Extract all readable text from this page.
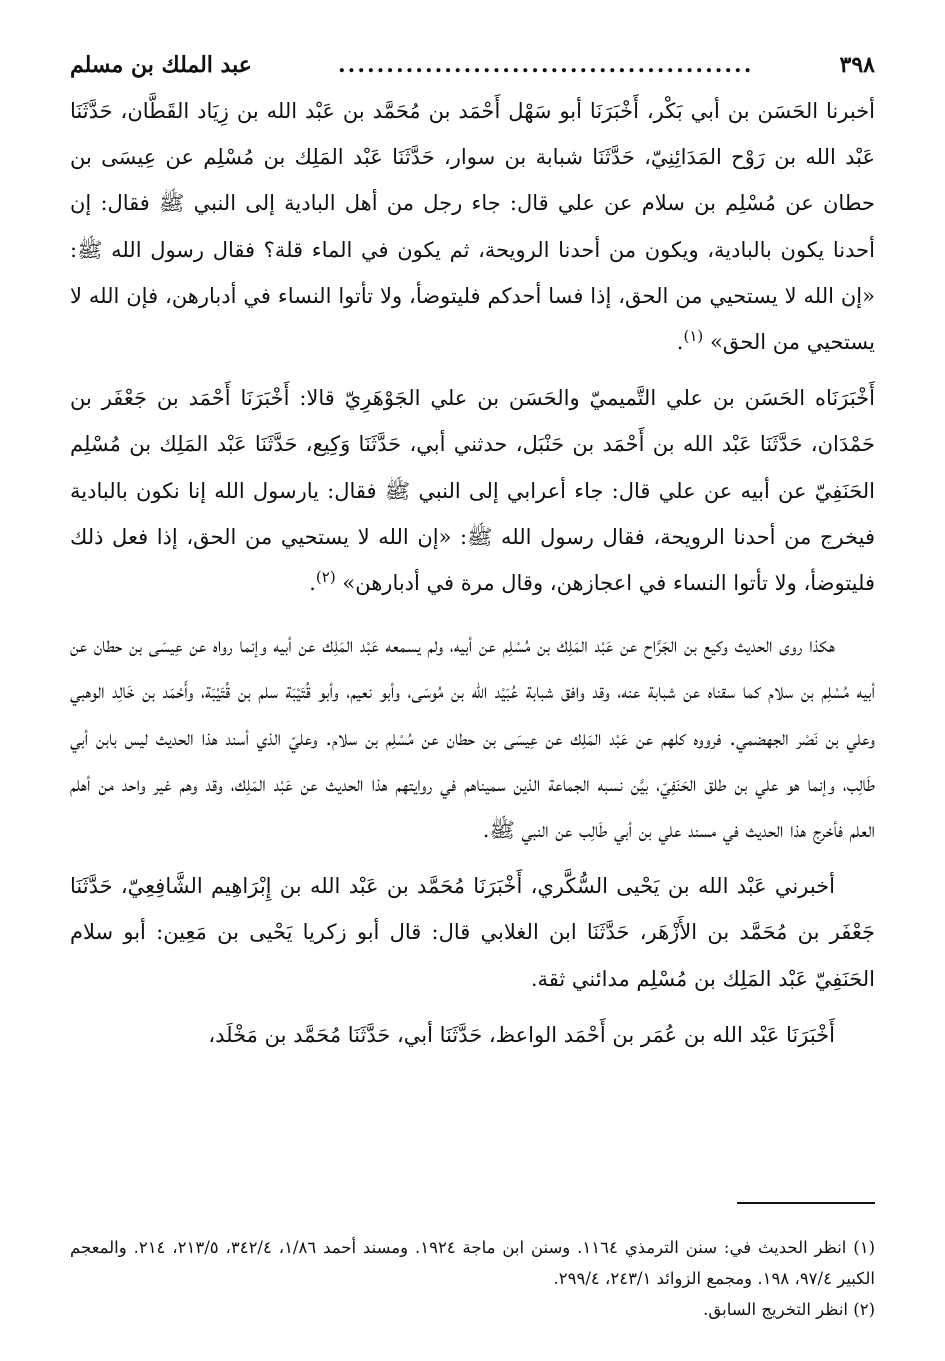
٣٩٨
...........................................
عبد الملك بن مسلم

أخبرنا الحَسَن بن أبي بَكْر، أَخْبَرَنَا أبو سَهْل أَحْمَد بن مُحَمَّد بن عَبْد الله بن زِيَاد القَطَّان، حَدَّثَنَا عَبْد الله بن رَوْح المَدَائِنِيّ، حَدَّثَنَا شبابة بن سوار، حَدَّثَنَا عَبْد المَلِك بن مُسْلِم عن عِيسَى بن حطان عن مُسْلِم بن سلام عن علي قال: جاء رجل من أهل البادية إلى النبي ﷺ فقال: إن أحدنا يكون بالبادية، ويكون من أحدنا الرويحة، ثم يكون في الماء قلة؟ فقال رسول الله ﷺ: «إن الله لا يستحيي من الحق، إذا فسا أحدكم فليتوضأ، ولا تأتوا النساء في أدبارهن، فإن الله لا يستحيي من الحق» $^{(١)}$.

أَخْبَرَنَاه الحَسَن بن علي التَّميميّ والحَسَن بن علي الجَوْهَرِيّ قالا: أَخْبَرَنَا أَحْمَد بن جَعْفَر بن حَمْدَان، حَدَّثَنَا عَبْد الله بن أَحْمَد بن حَنْبَل، حدثني أبي، حَدَّثَنَا وَكِيع، حَدَّثَنَا عَبْد المَلِك بن مُسْلِم الحَنَفِيّ عن أبيه عن علي قال: جاء أعرابي إلى النبي ﷺ فقال: يارسول الله إنا نكون بالبادية فيخرج من أحدنا الرويحة، فقال رسول الله ﷺ: «إن الله لا يستحيي من الحق، إذا فعل ذلك فليتوضأ، ولا تأتوا النساء في اعجازهن، وقال مرة في أدبارهن» $^{(٢)}$.

هكذا روى الحديث وكيع بن الجَرَّاح عن عَبْد المَلِك بن مُسْلِم عن أبيه، ولم يسمعه عَبْد المَلِك عن أبيه وإنما رواه عن عِيسَى بن حطان عن أبيه مُسْلِم بن سلام كما سقناه عن شبابة عنه، وقد وافق شبابة عُبَيْد الله بن مُوسَى، وأبو نعيم، وأبو قُتَيْبَة سلم بن قُتَيْبَة، وأَحْمَد بن خَالِد الوهبي وعلي بن نَصْر الجهضمي. فرووه كلهم عن عَبْد المَلِك عن عِيسَى بن حطان عن مُسْلِم بن سلام. وعليّ الذي أسند هذا الحديث ليس بابن أبي طَالِب، وإنما هو علي بن طلق الحَنَفِيّ، بيَّن نسبه الجماعة الذين سميناهم في روايتهم هذا الحديث عن عَبْد المَلِك، وقد وهم غير واحد من أهلم العلم فأخرج هذا الحديث في مسند علي بن أبي طَالِب عن النبي ﷺ.

أخبرني عَبْد الله بن يَحْيى السُّكَّري، أَخْبَرَنَا مُحَمَّد بن عَبْد الله بن إِبْرَاهِيم الشَّافِعِيّ، حَدَّثَنَا جَعْفَر بن مُحَمَّد بن الأَزْهَر، حَدَّثَنَا ابن الغلابي قال: قال أبو زكريا يَحْيى بن مَعِين: أبو سلام الحَنَفِيّ عَبْد المَلِك بن مُسْلِم مدائني ثقة.

أَخْبَرَنَا عَبْد الله بن عُمَر بن أَحْمَد الواعظ، حَدَّثَنَا أبي، حَدَّثَنَا مُحَمَّد بن مَخْلَد،

(١) انظر الحديث في: سنن الترمذي ١١٦٤. وسنن ابن ماجة ١٩٢٤. ومسند أحمد ١/٨٦، ٣٤٢/٤، ٢١٣/٥، ٢١٤. والمعجم الكبير ٩٧/٤، ١٩٨. ومجمع الزوائد ٢٤٣/١، ٢٩٩/٤.

(٢) انظر التخريج السابق.
